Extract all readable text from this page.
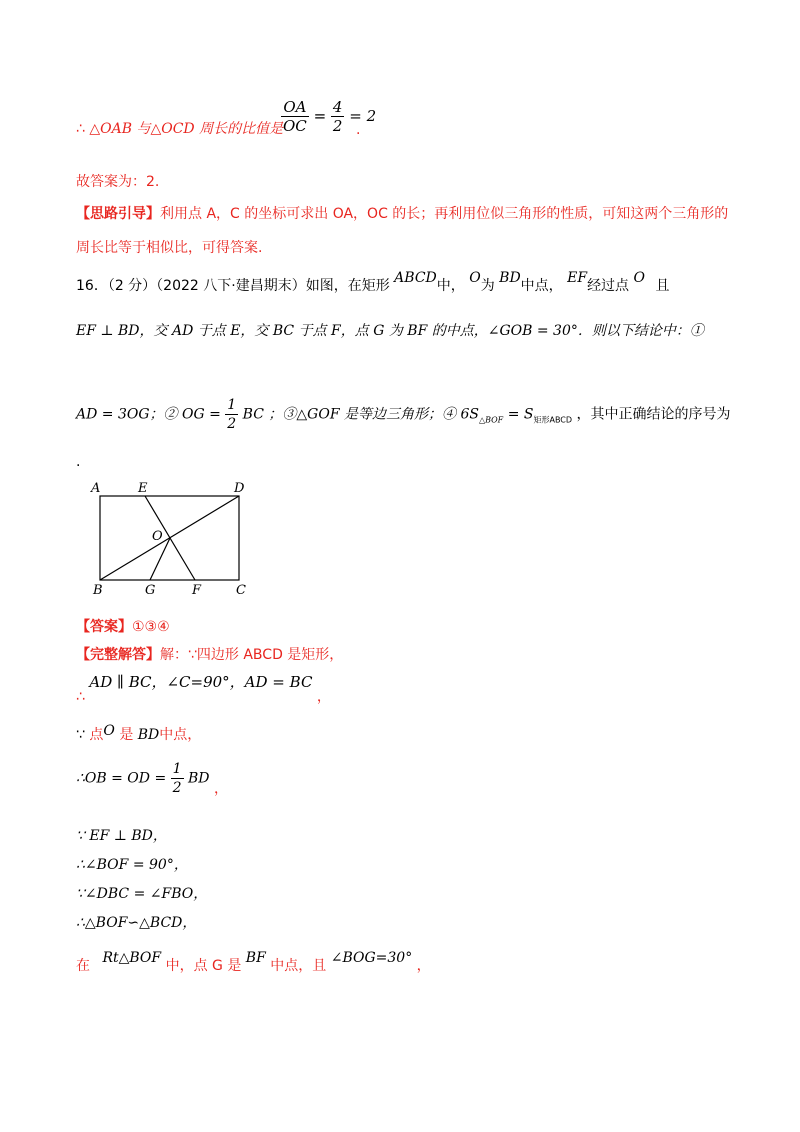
∴ △OAB 与△OCD 周长的比值是
$\frac{OA}{OC} = \frac{4}{2} = 2$
.
故答案为：2.
【思路引导】利用点 A，C 的坐标可求出 OA，OC 的长；再利用位似三角形的性质，可知这两个三角形的
周长比等于相似比，可得答案.
16．（2 分）（2022 八下·建昌期末）如图，在矩形 ABCD中， O为 BD中点， EF经过点 O 且
EF ⊥ BD，交 AD 于点 E，交 BC 于点 F，点 G 为 BF 的中点，∠GOB = 30°．则以下结论中：①
AD = 3OG；② OG = $\frac{1}{2}$ BC ；③△GOF 是等边三角形；④ $6S_{\triangle BOF} = S_{矩形ABCD}$ ，其中正确结论的序号为
.
A	E	D
O
B	G	F	C
【答案】①③④
【完整解答】解：∵四边形 ABCD 是矩形，
∴ AD ∥ BC，∠C=90°，AD = BC ，
∵ 点O 是 BD中点，
∴OB = OD = $\frac{1}{2}$ BD ，
∵ EF ⊥ BD，
∴∠BOF = 90°，
∵∠DBC = ∠FBO，
∴△BOF∽△BCD，
在 Rt△BOF 中，点 G 是 BF 中点，且 ∠BOG=30° ，
